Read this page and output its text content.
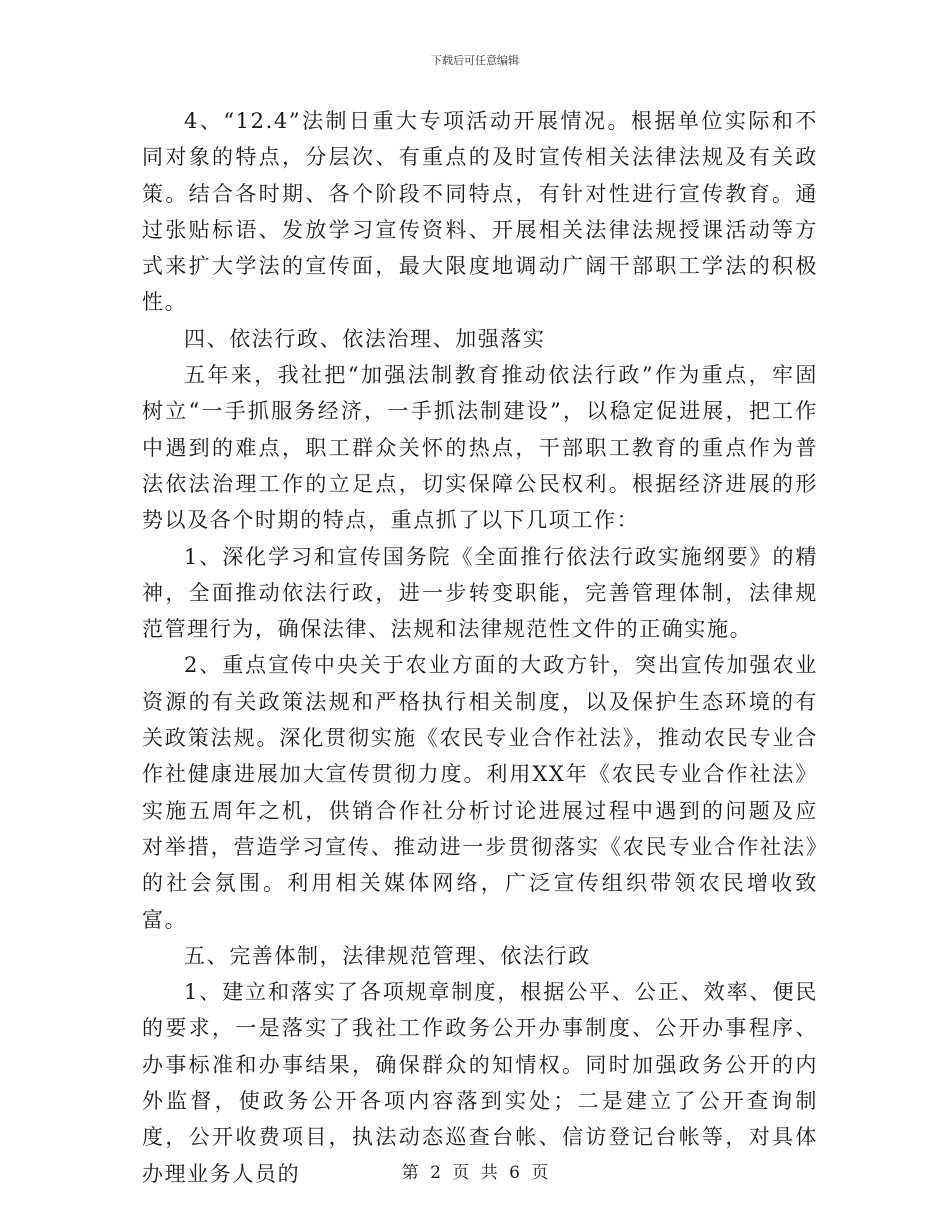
下载后可任意编辑

4、“12.4”法制日重大专项活动开展情况。根据单位实际和不同对象的特点，分层次、有重点的及时宣传相关法律法规及有关政策。结合各时期、各个阶段不同特点，有针对性进行宣传教育。通过张贴标语、发放学习宣传资料、开展相关法律法规授课活动等方式来扩大学法的宣传面，最大限度地调动广阔干部职工学法的积极性。

四、依法行政、依法治理、加强落实

五年来，我社把“加强法制教育推动依法行政”作为重点，牢固树立“一手抓服务经济，一手抓法制建设”，以稳定促进展，把工作中遇到的难点，职工群众关怀的热点，干部职工教育的重点作为普法依法治理工作的立足点，切实保障公民权利。根据经济进展的形势以及各个时期的特点，重点抓了以下几项工作：

1、深化学习和宣传国务院《全面推行依法行政实施纲要》的精神，全面推动依法行政，进一步转变职能，完善管理体制，法律规范管理行为，确保法律、法规和法律规范性文件的正确实施。

2、重点宣传中央关于农业方面的大政方针，突出宣传加强农业资源的有关政策法规和严格执行相关制度，以及保护生态环境的有关政策法规。深化贯彻实施《农民专业合作社法》，推动农民专业合作社健康进展加大宣传贯彻力度。利用XX年《农民专业合作社法》实施五周年之机，供销合作社分析讨论进展过程中遇到的问题及应对举措，营造学习宣传、推动进一步贯彻落实《农民专业合作社法》的社会氛围。利用相关媒体网络，广泛宣传组织带领农民增收致富。

五、完善体制，法律规范管理、依法行政

1、建立和落实了各项规章制度，根据公平、公正、效率、便民的要求，一是落实了我社工作政务公开办事制度、公开办事程序、办事标准和办事结果，确保群众的知情权。同时加强政务公开的内外监督，使政务公开各项内容落到实处；二是建立了公开查询制度，公开收费项目，执法动态巡查台帐、信访登记台帐等，对具体办理业务人员的	第 2 页 共 6 页
